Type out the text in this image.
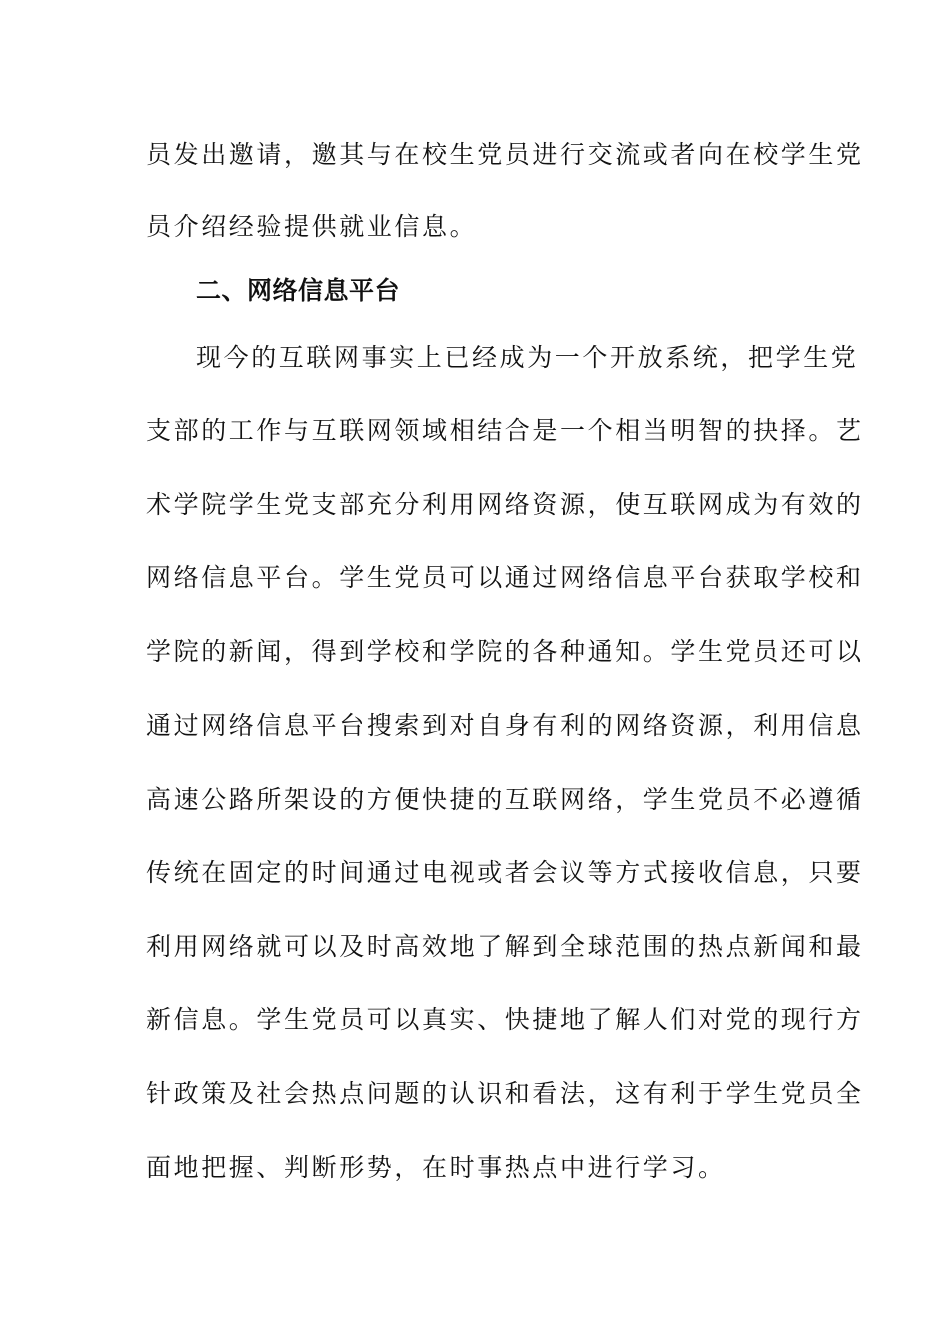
员发出邀请，邀其与在校生党员进行交流或者向在校学生党
员介绍经验提供就业信息。
二、网络信息平台
现今的互联网事实上已经成为一个开放系统，把学生党
支部的工作与互联网领域相结合是一个相当明智的抉择。艺
术学院学生党支部充分利用网络资源，使互联网成为有效的
网络信息平台。学生党员可以通过网络信息平台获取学校和
学院的新闻，得到学校和学院的各种通知。学生党员还可以
通过网络信息平台搜索到对自身有利的网络资源，利用信息
高速公路所架设的方便快捷的互联网络，学生党员不必遵循
传统在固定的时间通过电视或者会议等方式接收信息，只要
利用网络就可以及时高效地了解到全球范围的热点新闻和最
新信息。学生党员可以真实、快捷地了解人们对党的现行方
针政策及社会热点问题的认识和看法，这有利于学生党员全
面地把握、判断形势，在时事热点中进行学习。
